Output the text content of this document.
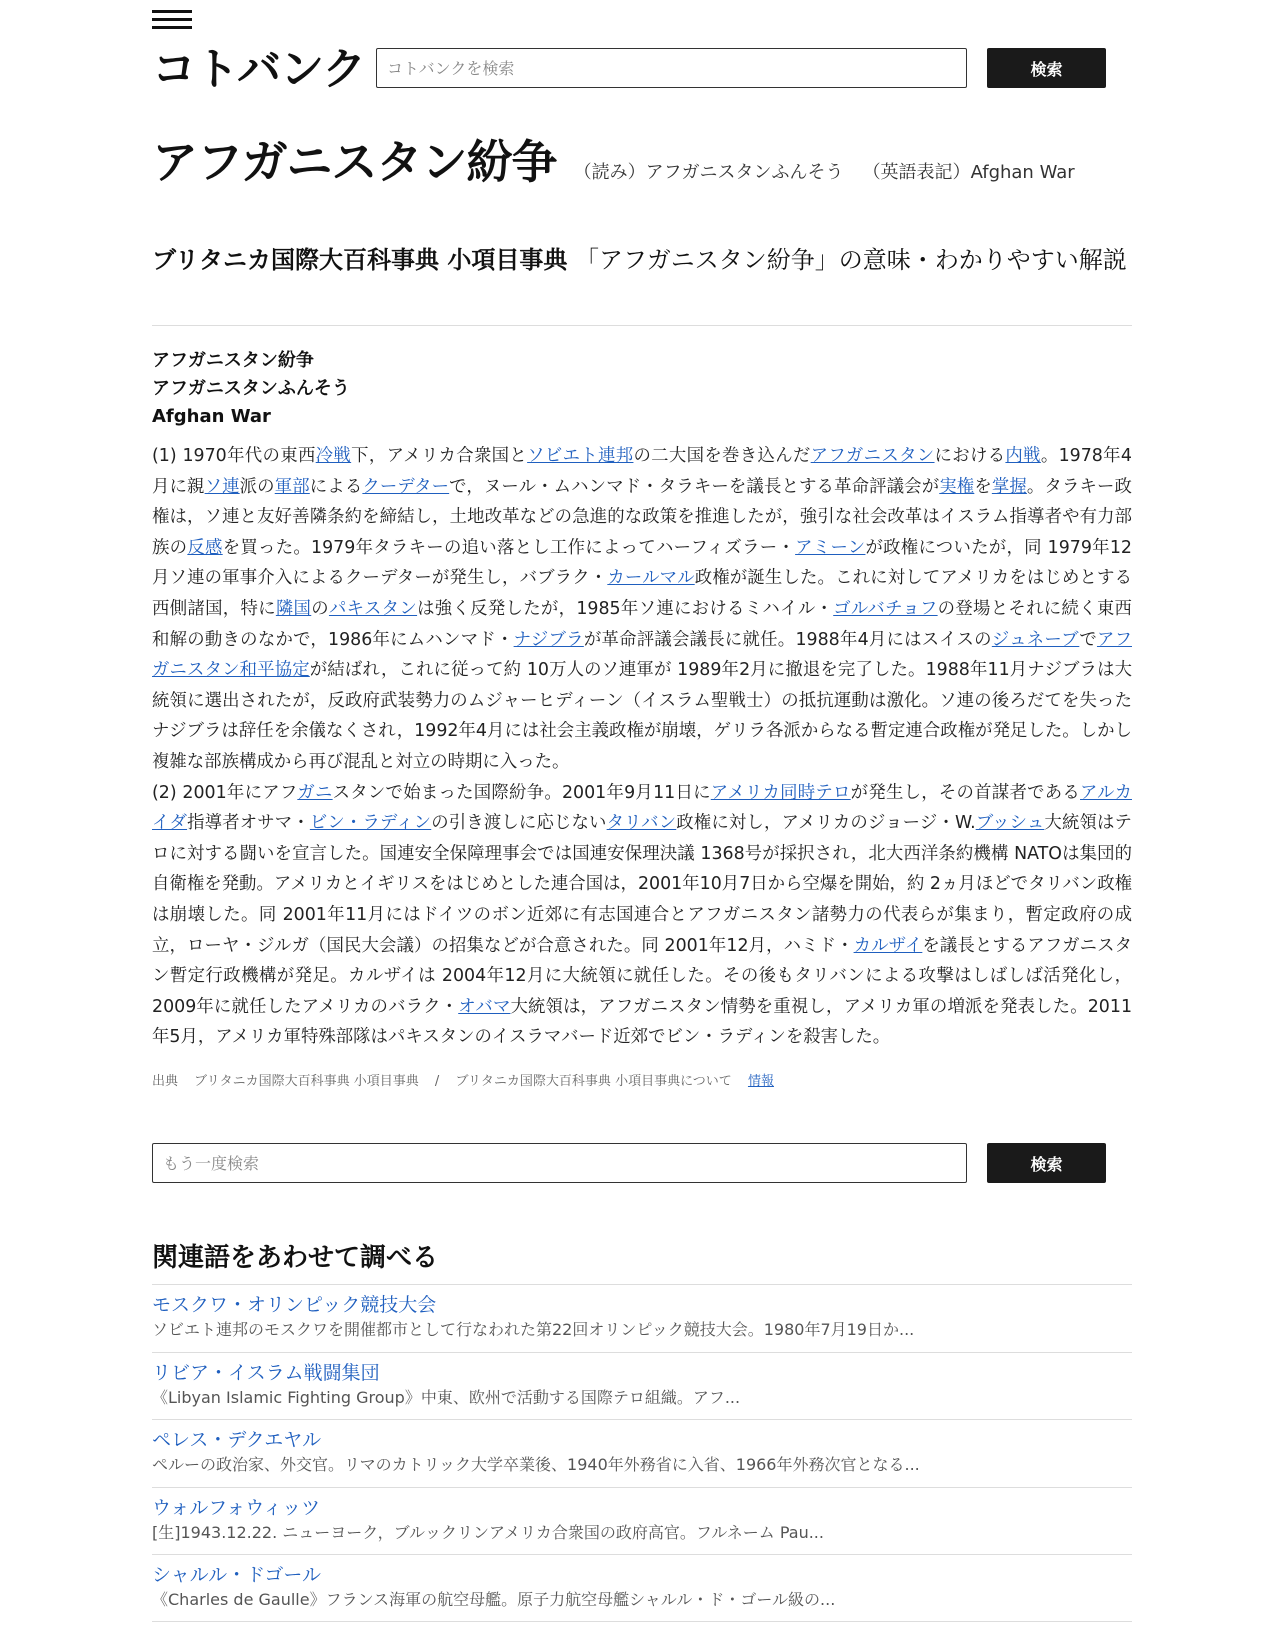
コトバンク
コトバンクを検索	検索
アフガニスタン紛争 （読み）アフガニスタンふんそう （英語表記）Afghan War
ブリタニカ国際大百科事典 小項目事典 「アフガニスタン紛争」の意味・わかりやすい解説
アフガニスタン紛争
アフガニスタンふんそう
Afghan War

(1) 1970年代の東西冷戦下，アメリカ合衆国とソビエト連邦の二大国を巻き込んだアフガニスタンにおける内戦。1978年4月に親ソ連派の軍部によるクーデターで，ヌール・ムハンマド・タラキーを議長とする革命評議会が実権を掌握。タラキー政権は，ソ連と友好善隣条約を締結し，土地改革などの急進的な政策を推進したが，強引な社会改革はイスラム指導者や有力部族の反感を買った。1979年タラキーの追い落とし工作によってハーフィズラー・アミーンが政権についたが，同 1979年12月ソ連の軍事介入によるクーデターが発生し，バブラク・カールマル政権が誕生した。これに対してアメリカをはじめとする西側諸国，特に隣国のパキスタンは強く反発したが，1985年ソ連におけるミハイル・ゴルバチョフの登場とそれに続く東西和解の動きのなかで，1986年にムハンマド・ナジブラが革命評議会議長に就任。1988年4月にはスイスのジュネーブでアフガニスタン和平協定が結ばれ，これに従って約 10万人のソ連軍が 1989年2月に撤退を完了した。1988年11月ナジブラは大統領に選出されたが，反政府武装勢力のムジャーヒディーン（イスラム聖戦士）の抵抗運動は激化。ソ連の後ろだてを失ったナジブラは辞任を余儀なくされ，1992年4月には社会主義政権が崩壊，ゲリラ各派からなる暫定連合政権が発足した。しかし複雑な部族構成から再び混乱と対立の時期に入った。

(2) 2001年にアフガニスタンで始まった国際紛争。2001年9月11日にアメリカ同時テロが発生し，その首謀者であるアルカイダ指導者オサマ・ビン・ラディンの引き渡しに応じないタリバン政権に対し，アメリカのジョージ・W.ブッシュ大統領はテロに対する闘いを宣言した。国連安全保障理事会では国連安保理決議 1368号が採択され，北大西洋条約機構 NATOは集団的自衛権を発動。アメリカとイギリスをはじめとした連合国は，2001年10月7日から空爆を開始，約 2ヵ月ほどでタリバン政権は崩壊した。同 2001年11月にはドイツのボン近郊に有志国連合とアフガニスタン諸勢力の代表らが集まり，暫定政府の成立，ローヤ・ジルガ（国民大会議）の招集などが合意された。同 2001年12月，ハミド・カルザイを議長とするアフガニスタン暫定行政機構が発足。カルザイは 2004年12月に大統領に就任した。その後もタリバンによる攻撃はしばしば活発化し，2009年に就任したアメリカのバラク・オバマ大統領は，アフガニスタン情勢を重視し，アメリカ軍の増派を発表した。2011年5月，アメリカ軍特殊部隊はパキスタンのイスラマバード近郊でビン・ラディンを殺害した。

出典 ブリタニカ国際大百科事典 小項目事典 / ブリタニカ国際大百科事典 小項目事典について 情報
もう一度検索
検索
関連語をあわせて調べる
モスクワ・オリンピック競技大会
ソビエト連邦のモスクワを開催都市として行なわれた第22回オリンピック競技大会。1980年7月19日か...
リビア・イスラム戦闘集団
《Libyan Islamic Fighting Group》中東、欧州で活動する国際テロ組織。アフ...
ペレス・デクエヤル
ペルーの政治家、外交官。リマのカトリック大学卒業後、1940年外務省に入省、1966年外務次官となる...
ウォルフォウィッツ
[生]1943.12.22. ニューヨーク，ブルックリンアメリカ合衆国の政府高官。フルネーム Pau...
シャルル・ドゴール
《Charles de Gaulle》フランス海軍の航空母艦。原子力航空母艦シャルル・ド・ゴール級の...
